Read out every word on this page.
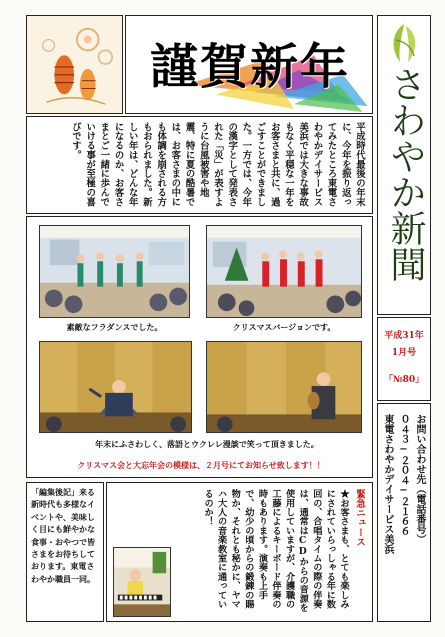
謹賀新年 さわやか新聞
平成31年
1月号
「№80」
平成時代最後の年末に、今年を振り返ってみたところ東電さわやかデイサービス美浜では大きな事故もなく平穏な一年をお客さまと共に、過ごすことができました。一方では、今年の漢字として発表された「災」が表すように台風被害や地震、特に夏の酷暑では、お客さまの中にも体調を崩される方もおられました。新しい年は、どんな年になるのか、お客さまとご一緒に歩んでいける事が至極の喜びです。
素敵なフラダンスでした。	クリスマスバージョンです。
年末にふさわしく、落語とウクレレ漫談で笑って頂きました。
クリスマス会と大忘年会の模様は、２月号にてお知らせ致します！！
「編集後記」来る新時代も多様なイベントや、美味しく目にも鮮やかな食事・おやつで皆さまをお待ちしております。東電さわやか職員一同。
緊急ニュース
★お客さまも、とても楽しみにされていらっしゃる年に数回の、合唱タイムの際の伴奏は、通常はCDからの音源を使用していますが、介護職の工藤によるキーボード伴奏の時もあります。演奏も上手で、幼少の頃からの鍛錬の賜物か、それとも秘かに、ヤマハ大人の音楽教室に通っているのか！	お問い合わせ先（電話番号）
０４３−２０４−２１６６
東電さわやかデイサービス美浜
